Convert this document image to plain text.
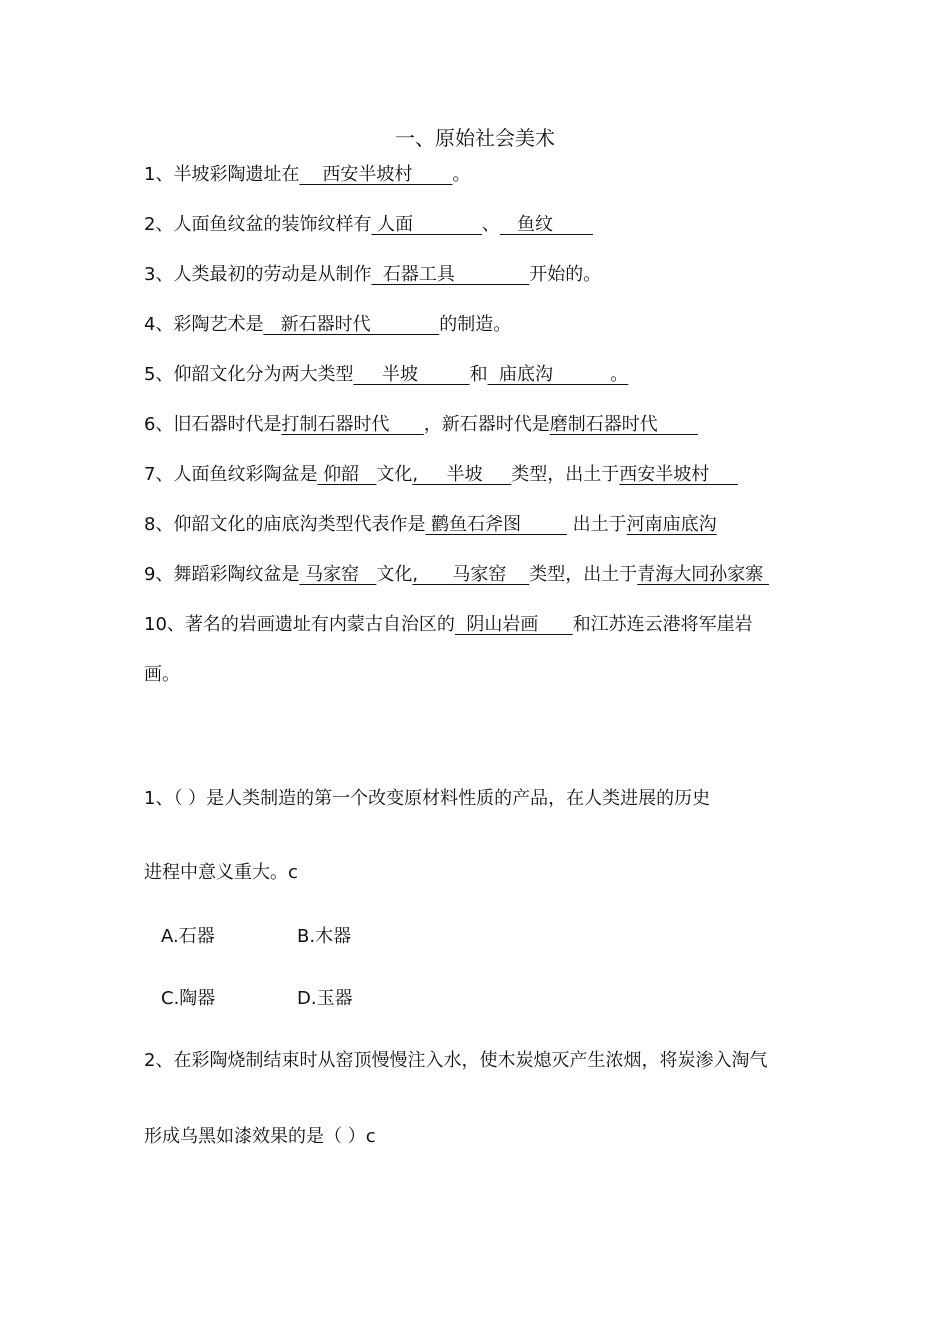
一、原始社会美术
1、半坡彩陶遗址在    西安半坡村       。
2、人面鱼纹盆的装饰纹样有 人面            、   鱼纹
3、人类最初的劳动是从制作  石器工具             开始的。
4、彩陶艺术是   新石器时代            的制造。
5、仰韶文化分为两大类型     半坡         和  庙底沟          。
6、旧石器时代是打制石器时代      ，新石器时代是磨制石器时代
7、人面鱼纹彩陶盆是 仰韶   文化,     半坡     类型，出土于西安半坡村
8、仰韶文化的庙底沟类型代表作是 鹳鱼石斧图         出土于河南庙底沟
9、舞蹈彩陶纹盆是 马家窑   文化,      马家窑    类型，出土于青海大同孙家寨
10、著名的岩画遗址有内蒙古自治区的  阴山岩画      和江苏连云港将军崖岩
画。
1、（ ）是人类制造的第一个改变原材料性质的产品，在人类进展的历史
进程中意义重大。c
A.石器	B.木器
C.陶器	D.玉器
2、在彩陶烧制结束时从窑顶慢慢注入水，使木炭熄灭产生浓烟，将炭渗入淘气
形成乌黑如漆效果的是（ ）c
